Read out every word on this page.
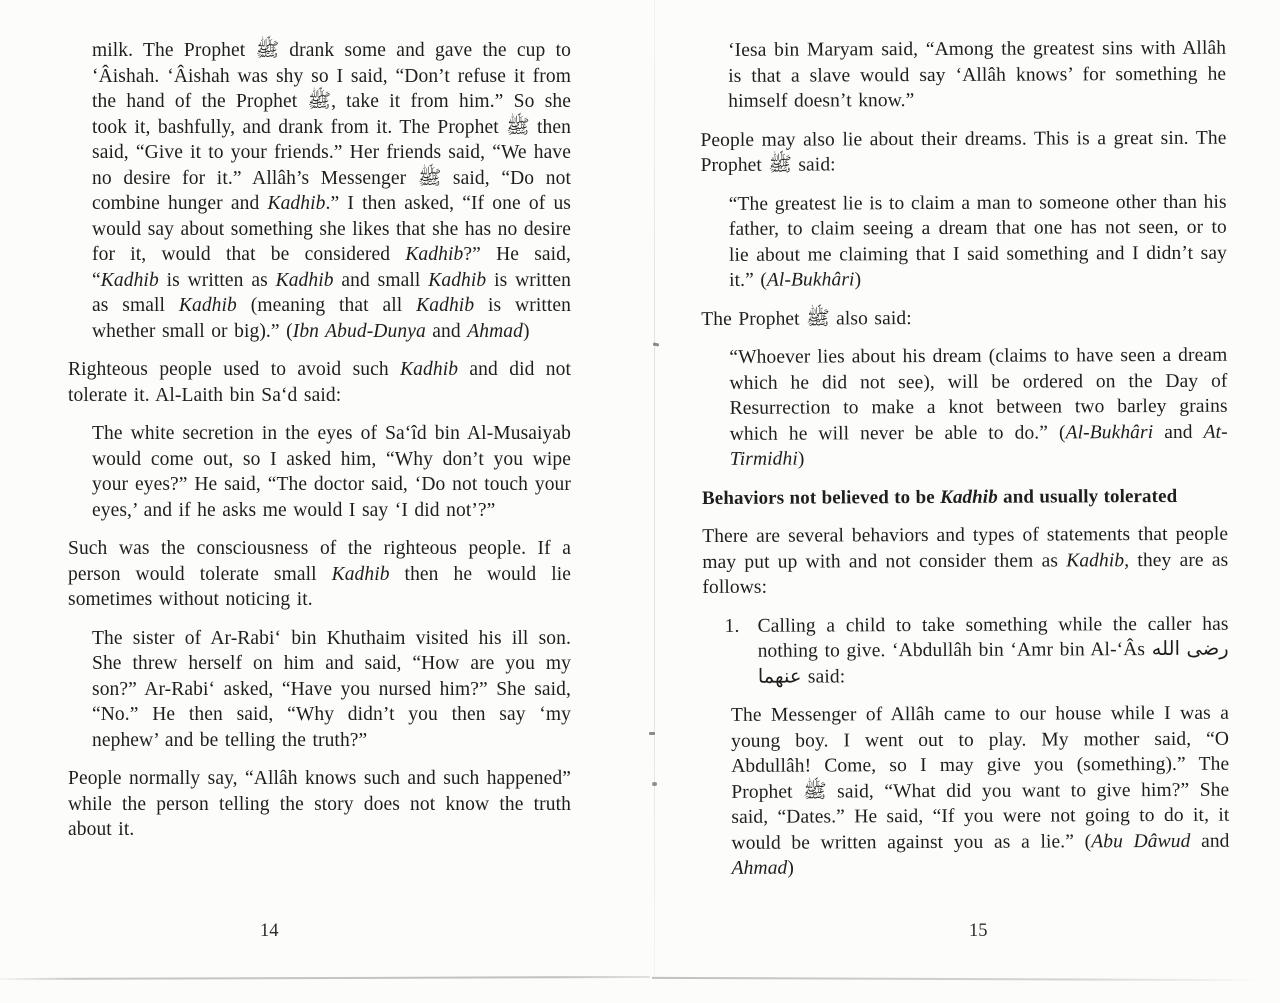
milk. The Prophet ﷺ drank some and gave the cup to ‘Âishah. ‘Âishah was shy so I said, “Don’t refuse it from the hand of the Prophet ﷺ, take it from him.” So she took it, bashfully, and drank from it. The Prophet ﷺ then said, “Give it to your friends.” Her friends said, “We have no desire for it.” Allâh’s Messenger ﷺ said, “Do not combine hunger and Kadhib.” I then asked, “If one of us would say about something she likes that she has no desire for it, would that be considered Kadhib?” He said, “Kadhib is written as Kadhib and small Kadhib is written as small Kadhib (meaning that all Kadhib is written whether small or big).” (Ibn Abud-Dunya and Ahmad)

Righteous people used to avoid such Kadhib and did not tolerate it. Al-Laith bin Sa‘d said:

The white secretion in the eyes of Sa‘îd bin Al-Musaiyab would come out, so I asked him, “Why don’t you wipe your eyes?” He said, “The doctor said, ‘Do not touch your eyes,’ and if he asks me would I say ‘I did not’?”

Such was the consciousness of the righteous people. If a person would tolerate small Kadhib then he would lie sometimes without noticing it.

The sister of Ar-Rabi‘ bin Khuthaim visited his ill son. She threw herself on him and said, “How are you my son?” Ar-Rabi‘ asked, “Have you nursed him?” She said, “No.” He then said, “Why didn’t you then say ‘my nephew’ and be telling the truth?”

People normally say, “Allâh knows such and such happened” while the person telling the story does not know the truth about it.

‘Iesa bin Maryam said, “Among the greatest sins with Allâh is that a slave would say ‘Allâh knows’ for something he himself doesn’t know.”

People may also lie about their dreams. This is a great sin. The Prophet ﷺ said:

“The greatest lie is to claim a man to someone other than his father, to claim seeing a dream that one has not seen, or to lie about me claiming that I said something and I didn’t say it.” (Al-Bukhâri)

The Prophet ﷺ also said:

“Whoever lies about his dream (claims to have seen a dream which he did not see), will be ordered on the Day of Resurrection to make a knot between two barley grains which he will never be able to do.” (Al-Bukhâri and At-Tirmidhi)

Behaviors not believed to be Kadhib and usually tolerated

There are several behaviors and types of statements that people may put up with and not consider them as Kadhib, they are as follows:

1. Calling a child to take something while the caller has nothing to give. ‘Abdullâh bin ‘Amr bin Al-‘Âs رضى الله عنهما said:

The Messenger of Allâh came to our house while I was a young boy. I went out to play. My mother said, “O Abdullâh! Come, so I may give you (something).” The Prophet ﷺ said, “What did you want to give him?” She said, “Dates.” He said, “If you were not going to do it, it would be written against you as a lie.” (Abu Dâwud and Ahmad)

14	15
